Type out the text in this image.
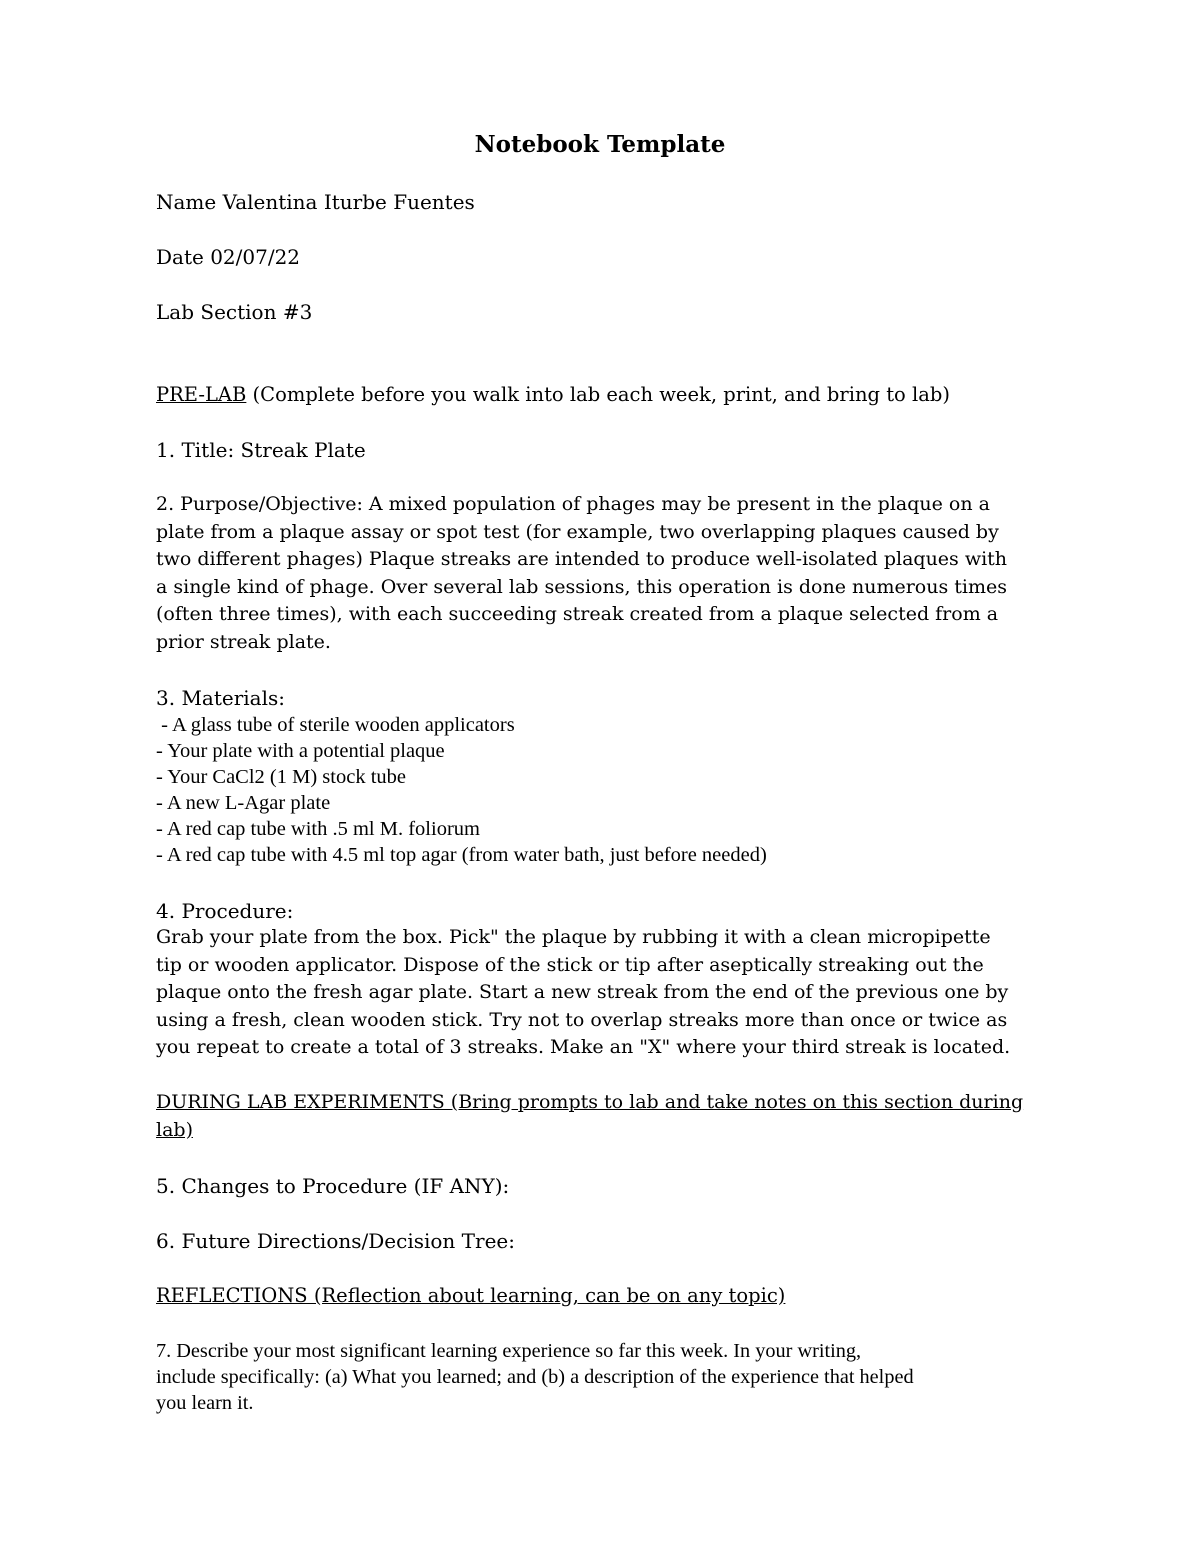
Notebook Template
Name Valentina Iturbe Fuentes
Date 02/07/22
Lab Section #3
PRE-LAB (Complete before you walk into lab each week, print, and bring to lab)
1. Title: Streak Plate
2. Purpose/Objective: A mixed population of phages may be present in the plaque on a
plate from a plaque assay or spot test (for example, two overlapping plaques caused by
two different phages) Plaque streaks are intended to produce well-isolated plaques with
a single kind of phage. Over several lab sessions, this operation is done numerous times
(often three times), with each succeeding streak created from a plaque selected from a
prior streak plate.
3. Materials:
- A glass tube of sterile wooden applicators
- Your plate with a potential plaque
- Your CaCl2 (1 M) stock tube
- A new L-Agar plate
- A red cap tube with .5 ml M. foliorum
- A red cap tube with 4.5 ml top agar (from water bath, just before needed)
4. Procedure:
Grab your plate from the box. Pick" the plaque by rubbing it with a clean micropipette
tip or wooden applicator. Dispose of the stick or tip after aseptically streaking out the
plaque onto the fresh agar plate. Start a new streak from the end of the previous one by
using a fresh, clean wooden stick. Try not to overlap streaks more than once or twice as
you repeat to create a total of 3 streaks. Make an "X" where your third streak is located.
DURING LAB EXPERIMENTS (Bring prompts to lab and take notes on this section during
lab)
5. Changes to Procedure (IF ANY):
6. Future Directions/Decision Tree:
REFLECTIONS (Reflection about learning, can be on any topic)
7. Describe your most significant learning experience so far this week. In your writing,
include specifically: (a) What you learned; and (b) a description of the experience that helped
you learn it.
